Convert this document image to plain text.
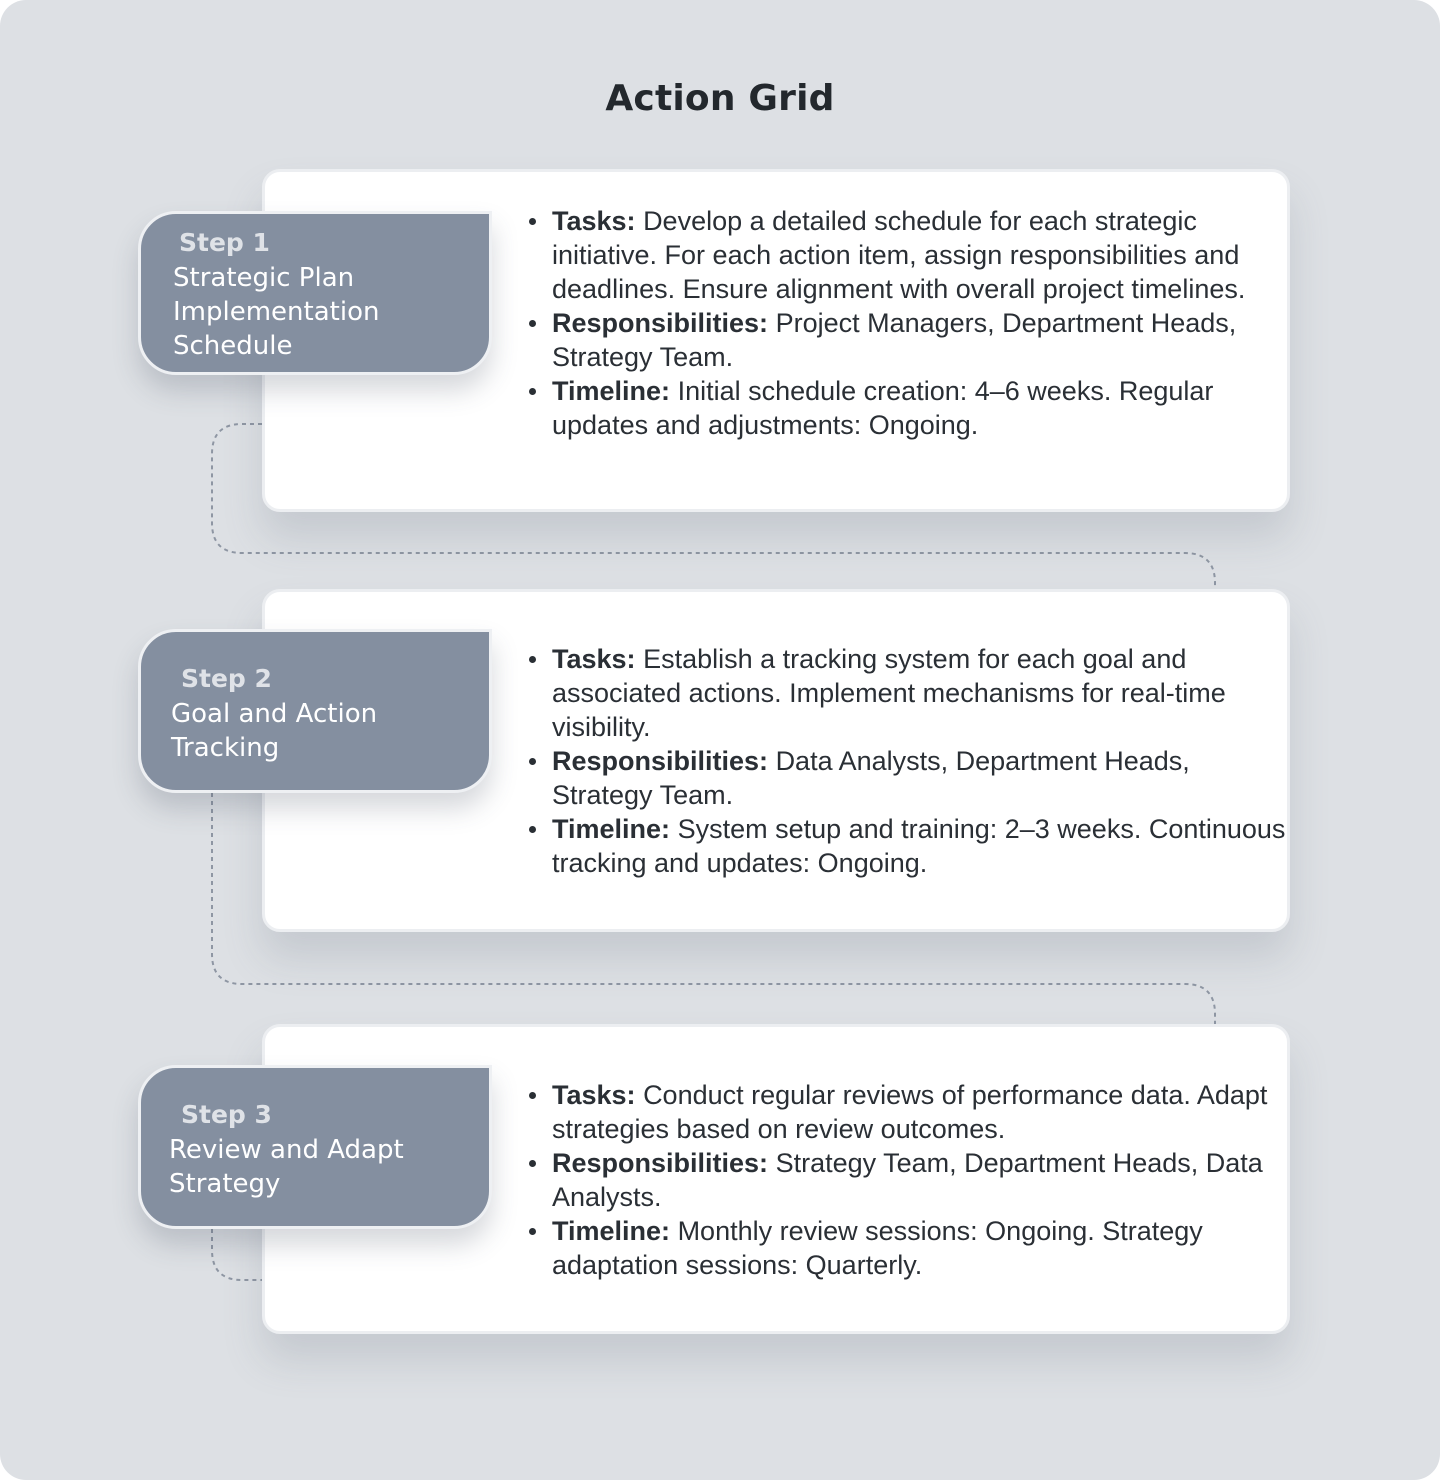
Action Grid
Step 1
Strategic Plan Implementation Schedule
Tasks: Develop a detailed schedule for each strategic initiative. For each action item, assign responsibilities and deadlines. Ensure alignment with overall project timelines.
Responsibilities: Project Managers, Department Heads, Strategy Team.
Timeline: Initial schedule creation: 4–6 weeks. Regular updates and adjustments: Ongoing.
Step 2
Goal and Action Tracking
Tasks: Establish a tracking system for each goal and associated actions. Implement mechanisms for real-time visibility.
Responsibilities: Data Analysts, Department Heads, Strategy Team.
Timeline: System setup and training: 2–3 weeks. Continuous tracking and updates: Ongoing.
Step 3
Review and Adapt Strategy
Tasks: Conduct regular reviews of performance data. Adapt strategies based on review outcomes.
Responsibilities: Strategy Team, Department Heads, Data Analysts.
Timeline: Monthly review sessions: Ongoing. Strategy adaptation sessions: Quarterly.
